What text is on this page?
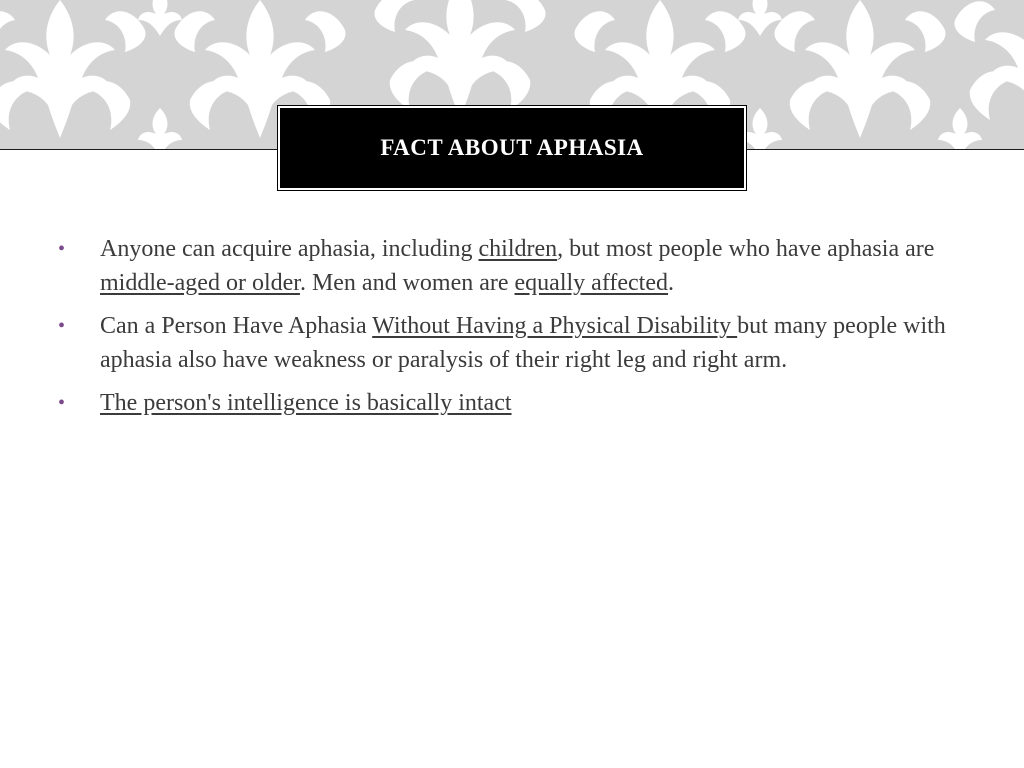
FACT ABOUT APHASIA
• Anyone can acquire aphasia, including children, but most people who have aphasia are middle-aged or older. Men and women are equally affected.
• Can a Person Have Aphasia Without Having a Physical Disability but many people with aphasia also have weakness or paralysis of their right leg and right arm.
• The person's intelligence is basically intact
